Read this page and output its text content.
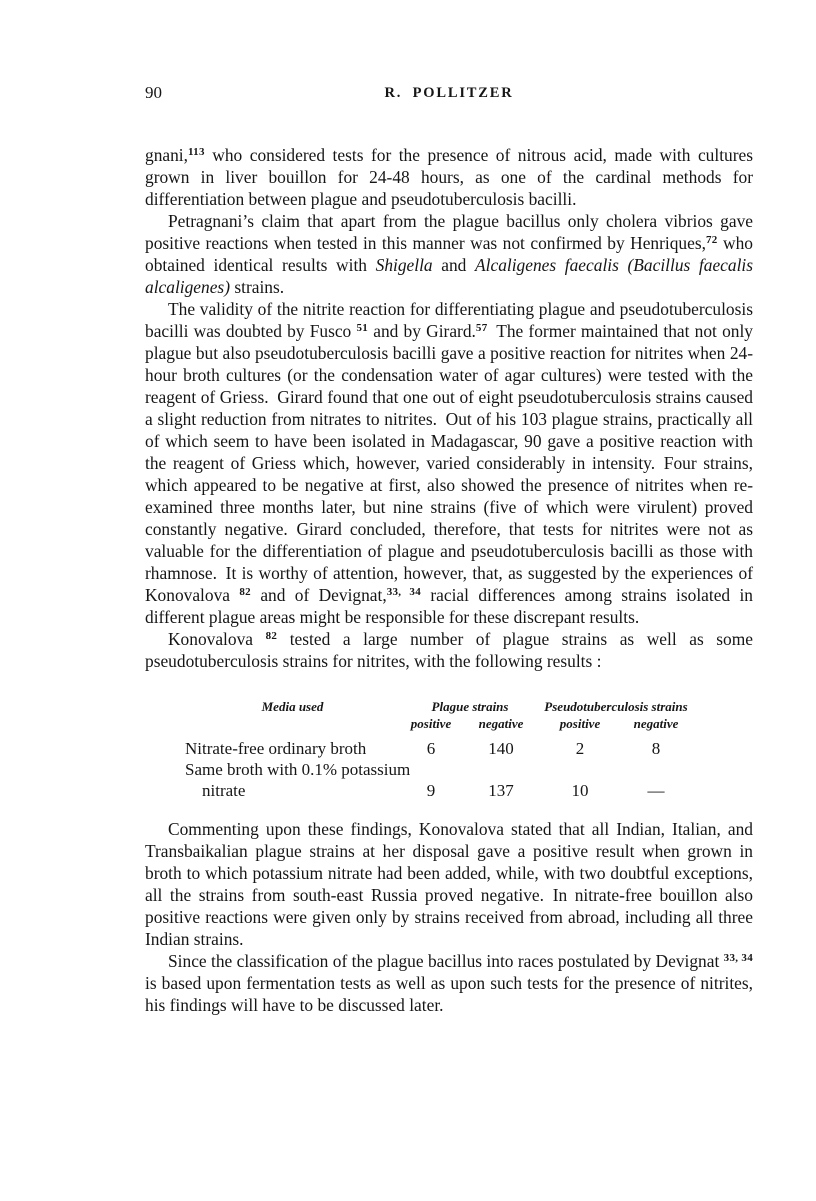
90	R. POLLITZER

gnani,$^{113}$ who considered tests for the presence of nitrous acid, made with cultures grown in liver bouillon for 24-48 hours, as one of the cardinal methods for differentiation between plague and pseudotuberculosis bacilli.

Petragnani’s claim that apart from the plague bacillus only cholera vibrios gave positive reactions when tested in this manner was not confirmed by Henriques,$^{72}$ who obtained identical results with Shigella and Alcaligenes faecalis (Bacillus faecalis alcaligenes) strains.

The validity of the nitrite reaction for differentiating plague and pseudotuberculosis bacilli was doubted by Fusco $^{51}$ and by Girard.$^{57}$ The former maintained that not only plague but also pseudotuberculosis bacilli gave a positive reaction for nitrites when 24-hour broth cultures (or the condensation water of agar cultures) were tested with the reagent of Griess. Girard found that one out of eight pseudotuberculosis strains caused a slight reduction from nitrates to nitrites. Out of his 103 plague strains, practically all of which seem to have been isolated in Madagascar, 90 gave a positive reaction with the reagent of Griess which, however, varied considerably in intensity. Four strains, which appeared to be negative at first, also showed the presence of nitrites when re-examined three months later, but nine strains (five of which were virulent) proved constantly negative. Girard concluded, therefore, that tests for nitrites were not as valuable for the differentiation of plague and pseudotuberculosis bacilli as those with rhamnose. It is worthy of attention, however, that, as suggested by the experiences of Konovalova $^{82}$ and of Devignat,$^{33, 34}$ racial differences among strains isolated in different plague areas might be responsible for these discrepant results.

Konovalova $^{82}$ tested a large number of plague strains as well as some pseudotuberculosis strains for nitrites, with the following results :

Media used	Plague strains		Pseudotuberculosis strains	
	positive	negative	positive	negative
Nitrate-free ordinary broth	6	140	2	8
Same broth with 0.1% potassium				
nitrate	9	137	10	—

Commenting upon these findings, Konovalova stated that all Indian, Italian, and Transbaikalian plague strains at her disposal gave a positive result when grown in broth to which potassium nitrate had been added, while, with two doubtful exceptions, all the strains from south-east Russia proved negative. In nitrate-free bouillon also positive reactions were given only by strains received from abroad, including all three Indian strains.

Since the classification of the plague bacillus into races postulated by Devignat $^{33, 34}$ is based upon fermentation tests as well as upon such tests for the presence of nitrites, his findings will have to be discussed later.
